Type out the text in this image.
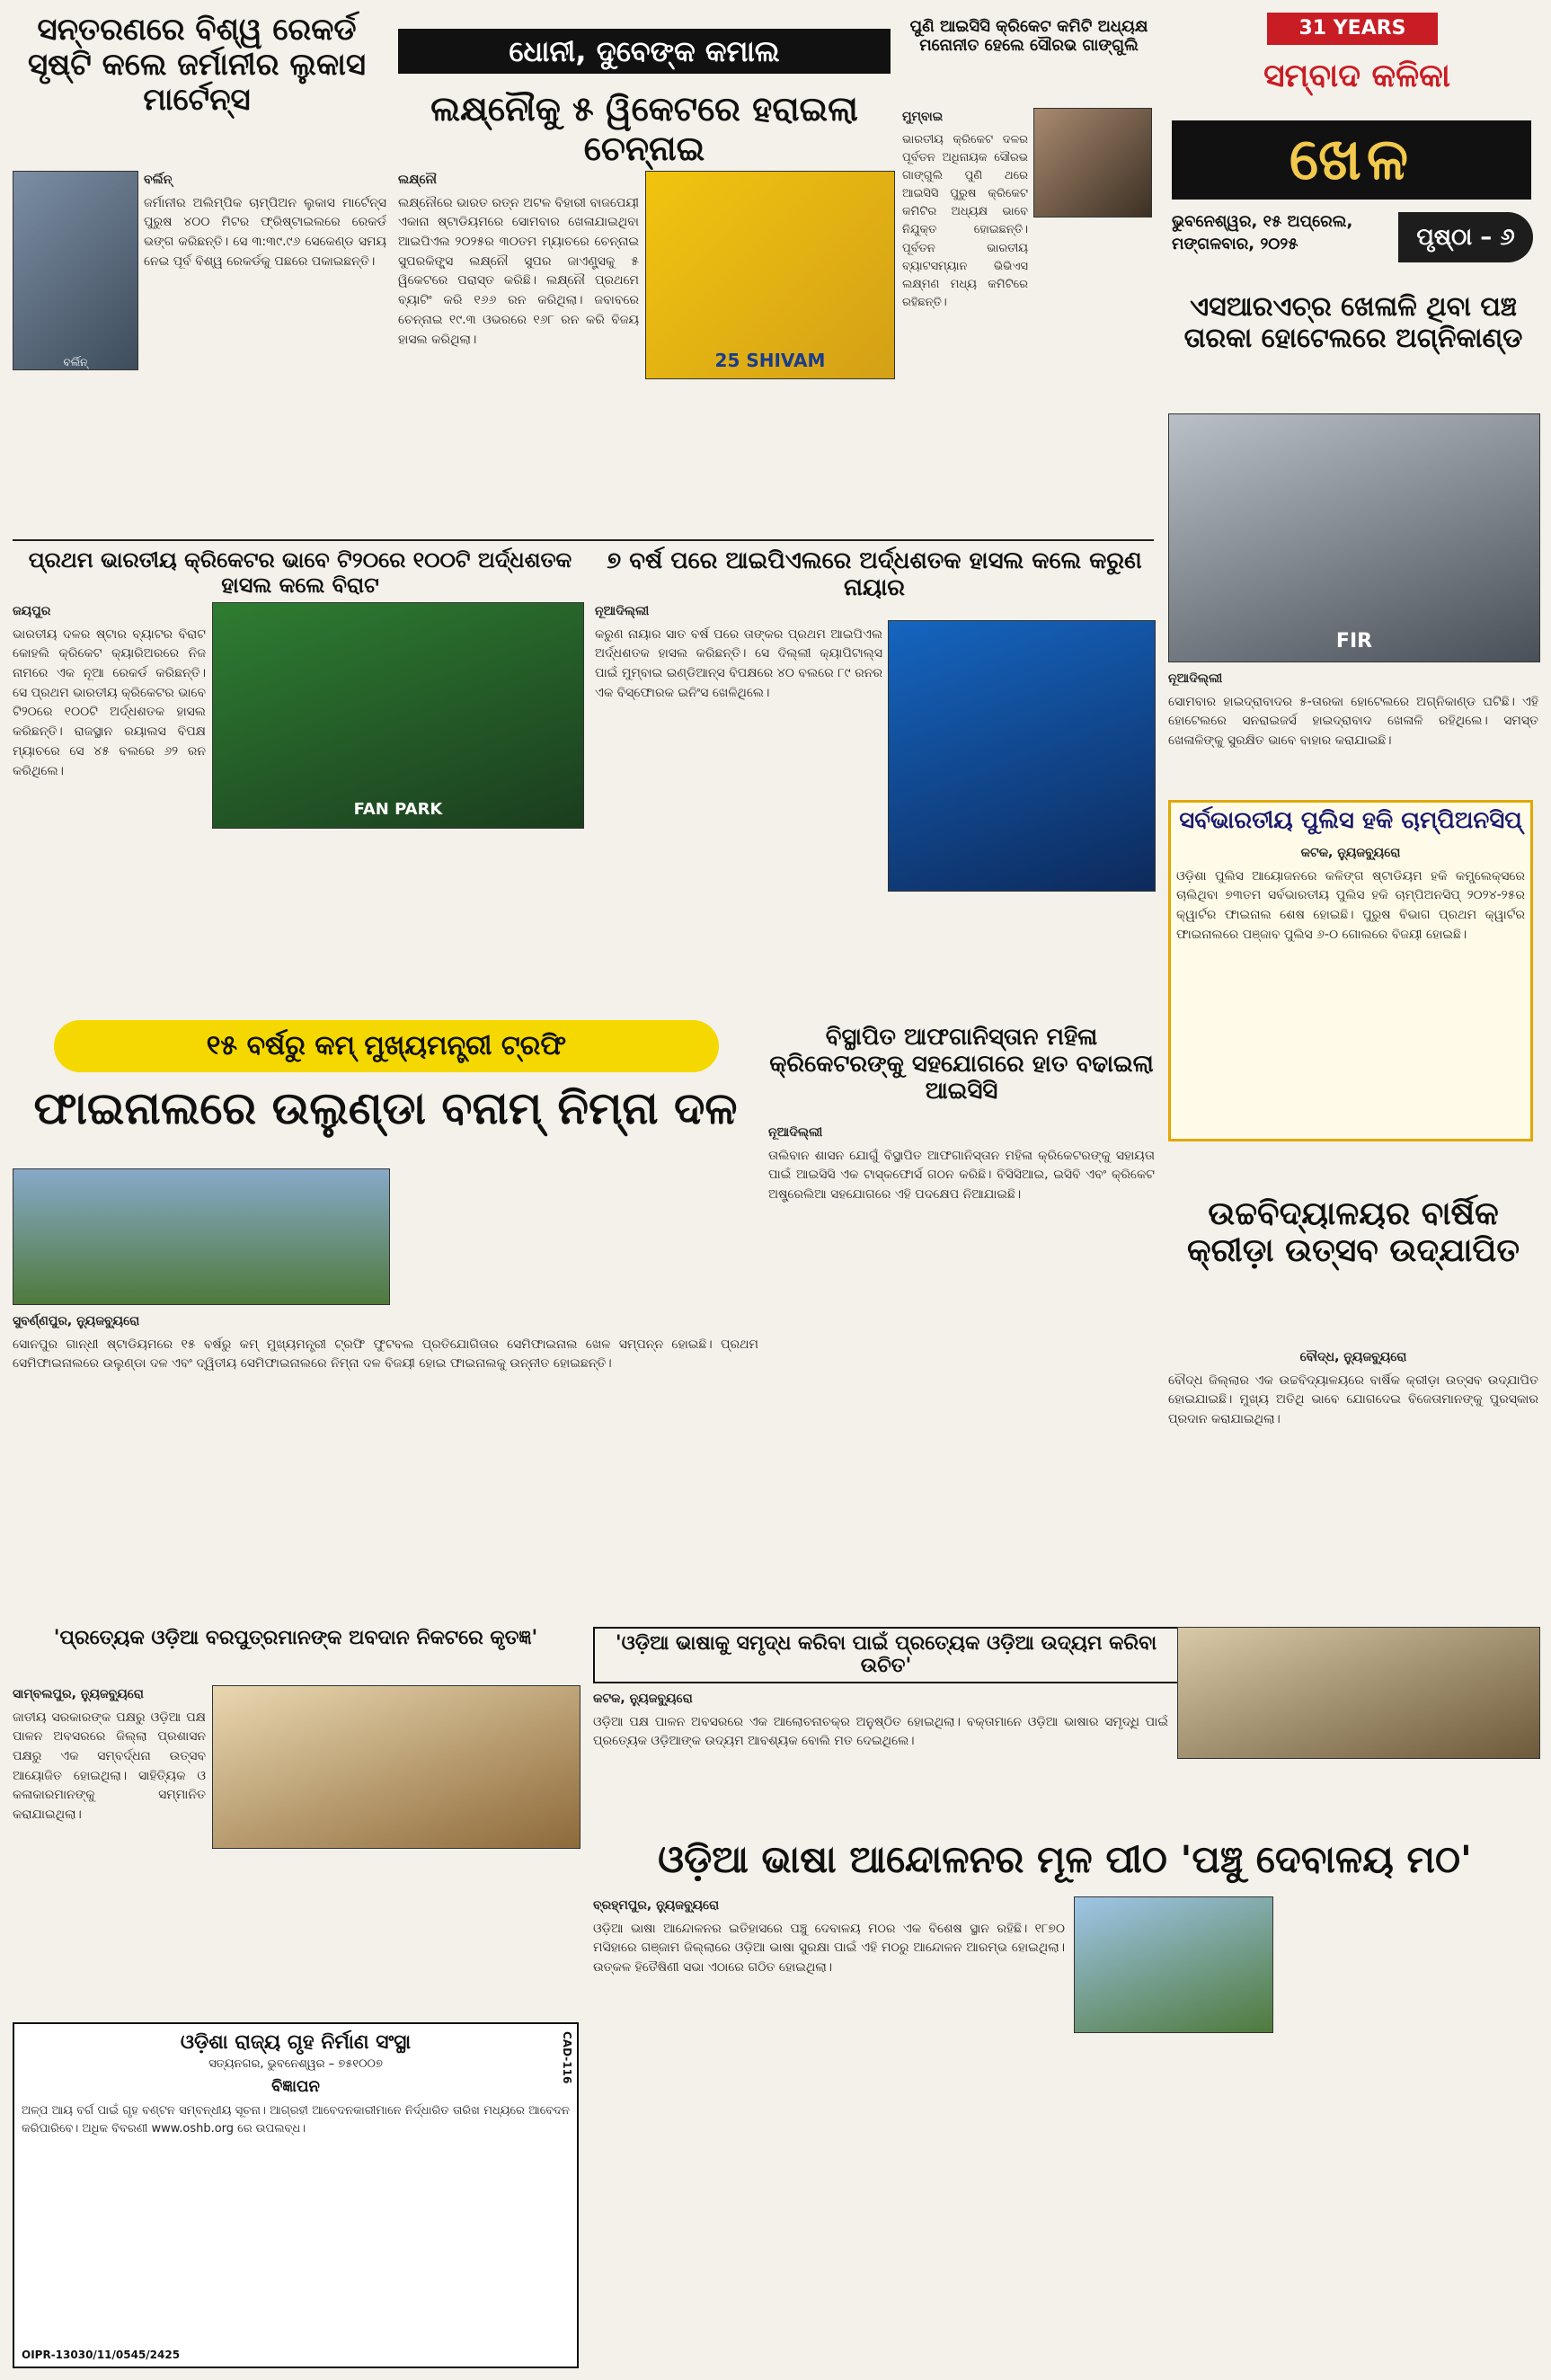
ସନ୍ତରଣରେ ବିଶ୍ୱ ରେକର୍ଡ ସୃଷ୍ଟି କଲେ ଜର୍ମାନୀର ଲୁକାସ ମାର୍ଟେନ୍ସ
ବର୍ଲିନ୍
ବର୍ଲିନ୍
ଜର୍ମାନୀର ଅଲିମ୍ପିକ ଚାମ୍ପିଅନ ଲୁକାସ ମାର୍ଟେନ୍ସ ପୁରୁଷ ୪୦୦ ମିଟର ଫ୍ରିଷ୍ଟାଇଲରେ ରେକର୍ଡ ଭଙ୍ଗ କରିଛନ୍ତି। ସେ ୩:୩୯.୯୬ ସେକେଣ୍ଡ ସମୟ ନେଇ ପୂର୍ବ ବିଶ୍ୱ ରେକର୍ଡକୁ ପଛରେ ପକାଇଛନ୍ତି।
ଧୋନୀ, ଦୁବେଙ୍କ କମାଲ
ଲକ୍ଷ୍ନୌକୁ ୫ ୱିକେଟରେ ହରାଇଲା ଚେନ୍ନାଇ
ଲକ୍ଷ୍ନୌ
ଲକ୍ଷ୍ନୌରେ ଭାରତ ରତ୍ନ ଅଟଳ ବିହାରୀ ବାଜପେୟୀ ଏକାନା ଷ୍ଟାଡିୟମରେ ସୋମବାର ଖେଳାଯାଇଥିବା ଆଇପିଏଲ ୨୦୨୫ର ୩୦ତମ ମ୍ୟାଚରେ ଚେନ୍ନାଇ ସୁପରକିଙ୍ଗ୍ସ ଲକ୍ଷ୍ନୌ ସୁପର ଜାଏଣ୍ଟ୍ସକୁ ୫ ୱିକେଟରେ ପରାସ୍ତ କରିଛି। ଲକ୍ଷ୍ନୌ ପ୍ରଥମେ ବ୍ୟାଟିଂ କରି ୧୬୬ ରନ କରିଥିଲା। ଜବାବରେ ଚେନ୍ନାଇ ୧୯.୩ ଓଭରରେ ୧୬୮ ରନ କରି ବିଜୟ ହାସଲ କରିଥିଲା।
25 SHIVAM
ପୁଣି ଆଇସିସି କ୍ରିକେଟ କମିଟି ଅଧ୍ୟକ୍ଷ ମନୋନୀତ ହେଲେ ସୌରଭ ଗାଙ୍ଗୁଲି
ମୁମ୍ବାଇ
ଭାରତୀୟ କ୍ରିକେଟ ଦଳର ପୂର୍ବତନ ଅଧିନାୟକ ସୌରଭ ଗାଙ୍ଗୁଲି ପୁଣି ଥରେ ଆଇସିସି ପୁରୁଷ କ୍ରିକେଟ କମିଟିର ଅଧ୍ୟକ୍ଷ ଭାବେ ନିଯୁକ୍ତ ହୋଇଛନ୍ତି। ପୂର୍ବତନ ଭାରତୀୟ ବ୍ୟାଟସମ୍ୟାନ ଭିଭିଏସ ଲକ୍ଷ୍ମଣ ମଧ୍ୟ କମିଟିରେ ରହିଛନ୍ତି।
31 YEARS
ସମ୍ବାଦ କଳିକା
ଖେଳ
ଭୁବନେଶ୍ୱର, ୧୫ ଅପ୍ରେଲ, ମଙ୍ଗଳବାର, ୨୦୨୫	ପୃଷ୍ଠା – ୬
ଏସଆରଏଚ୍‌ର ଖେଳାଳି ଥିବା ପଞ୍ଚ ତାରକା ହୋଟେଲରେ ଅଗ୍ନିକାଣ୍ଡ
FIR
ନୂଆଦିଲ୍ଲୀ
ସୋମବାର ହାଇଦ୍ରାବାଦର ୫-ତାରକା ହୋଟେଲରେ ଅଗ୍ନିକାଣ୍ଡ ଘଟିଛି। ଏହି ହୋଟେଲରେ ସନରାଇଜର୍ସ ହାଇଦ୍ରାବାଦ ଖେଳାଳି ରହିଥିଲେ। ସମସ୍ତ ଖେଳାଳିଙ୍କୁ ସୁରକ୍ଷିତ ଭାବେ ବାହାର କରାଯାଇଛି।
ପ୍ରଥମ ଭାରତୀୟ କ୍ରିକେଟର ଭାବେ ଟି୨୦ରେ ୧୦୦ଟି ଅର୍ଦ୍ଧଶତକ ହାସଲ କଲେ ବିରାଟ
ଜୟପୁର
ଭାରତୀୟ ଦଳର ଷ୍ଟାର ବ୍ୟାଟର ବିରାଟ କୋହଲି କ୍ରିକେଟ କ୍ୟାରିଅରରେ ନିଜ ନାମରେ ଏକ ନୂଆ ରେକର୍ଡ କରିଛନ୍ତି। ସେ ପ୍ରଥମ ଭାରତୀୟ କ୍ରିକେଟର ଭାବେ ଟି୨୦ରେ ୧୦୦ଟି ଅର୍ଦ୍ଧଶତକ ହାସଲ କରିଛନ୍ତି। ରାଜସ୍ଥାନ ରୟାଲସ ବିପକ୍ଷ ମ୍ୟାଚରେ ସେ ୪୫ ବଲରେ ୬୨ ରନ କରିଥିଲେ।
FAN PARK
୭ ବର୍ଷ ପରେ ଆଇପିଏଲରେ ଅର୍ଦ୍ଧଶତକ ହାସଲ କଲେ କରୁଣ ନାୟାର
ନୂଆଦିଲ୍ଲୀ
କରୁଣ ନାୟାର ସାତ ବର୍ଷ ପରେ ତାଙ୍କର ପ୍ରଥମ ଆଇପିଏଲ ଅର୍ଦ୍ଧଶତକ ହାସଲ କରିଛନ୍ତି। ସେ ଦିଲ୍ଲୀ କ୍ୟାପିଟାଲ୍ସ ପାଇଁ ମୁମ୍ବାଇ ଇଣ୍ଡିଆନ୍ସ ବିପକ୍ଷରେ ୪୦ ବଲରେ ୮୯ ରନର ଏକ ବିସ୍ଫୋରକ ଇନିଂସ ଖେଳିଥିଲେ।
ସର୍ବଭାରତୀୟ ପୁଲିସ ହକି ଚାମ୍ପିଅନସିପ୍‌
କଟକ, ନ୍ୟୁଜବ୍ୟୁରୋ
ଓଡ଼ିଶା ପୁଲିସ ଆୟୋଜନରେ କଳିଙ୍ଗ ଷ୍ଟାଡିୟମ ହକି କମ୍ପ୍ଲେକ୍ସରେ ଚାଲିଥିବା ୭୩ତମ ସର୍ବଭାରତୀୟ ପୁଲିସ ହକି ଚାମ୍ପିଅନସିପ୍ ୨୦୨୪-୨୫ର କ୍ୱାର୍ଟର ଫାଇନାଲ ଶେଷ ହୋଇଛି। ପୁରୁଷ ବିଭାଗ ପ୍ରଥମ କ୍ୱାର୍ଟର ଫାଇନାଲରେ ପଞ୍ଜାବ ପୁଲିସ ୬-୦ ଗୋଲରେ ବିଜୟୀ ହୋଇଛି।
୧୫ ବର୍ଷରୁ କମ୍ ମୁଖ୍ୟମନ୍ତ୍ରୀ ଟ୍ରଫି
ଫାଇନାଲରେ ଉଲୁଣ୍ଡା ବନାମ୍ ନିମ୍ନା ଦଳ
ସୁବର୍ଣ୍ଣପୁର, ନ୍ୟୁଜବ୍ୟୁରୋ
ସୋନପୁର ଗାନ୍ଧୀ ଷ୍ଟାଡିୟମରେ ୧୫ ବର୍ଷରୁ କମ୍ ମୁଖ୍ୟମନ୍ତ୍ରୀ ଟ୍ରଫି ଫୁଟବଲ ପ୍ରତିଯୋଗିତାର ସେମିଫାଇନାଲ ଖେଳ ସମ୍ପନ୍ନ ହୋଇଛି। ପ୍ରଥମ ସେମିଫାଇନାଲରେ ଉଲୁଣ୍ଡା ଦଳ ଏବଂ ଦ୍ୱିତୀୟ ସେମିଫାଇନାଲରେ ନିମ୍ନା ଦଳ ବିଜୟୀ ହୋଇ ଫାଇନାଲକୁ ଉନ୍ନୀତ ହୋଇଛନ୍ତି।
ବିସ୍ଥାପିତ ଆଫଗାନିସ୍ତାନ ମହିଳା କ୍ରିକେଟରଙ୍କୁ ସହଯୋଗରେ ହାତ ବଢାଇଲା ଆଇସିସି
ନୂଆଦିଲ୍ଲୀ
ତାଲିବାନ ଶାସନ ଯୋଗୁଁ ବିସ୍ଥାପିତ ଆଫଗାନିସ୍ତାନ ମହିଳା କ୍ରିକେଟରଙ୍କୁ ସହାୟତା ପାଇଁ ଆଇସିସି ଏକ ଟାସ୍କଫୋର୍ସ ଗଠନ କରିଛି। ବିସିସିଆଇ, ଇସିବି ଏବଂ କ୍ରିକେଟ ଅଷ୍ଟ୍ରେଲିଆ ସହଯୋଗରେ ଏହି ପଦକ୍ଷେପ ନିଆଯାଇଛି।
ଉଚ୍ଚବିଦ୍ୟାଳୟର ବାର୍ଷିକ କ୍ରୀଡ଼ା ଉତ୍ସବ ଉଦ୍‌ଯାପିତ
ବୌଦ୍ଧ, ନ୍ୟୁଜବ୍ୟୁରୋ
ବୌଦ୍ଧ ଜିଲ୍ଲାର ଏକ ଉଚ୍ଚବିଦ୍ୟାଳୟରେ ବାର୍ଷିକ କ୍ରୀଡ଼ା ଉତ୍ସବ ଉଦ୍‌ଯାପିତ ହୋଇଯାଇଛି। ମୁଖ୍ୟ ଅତିଥି ଭାବେ ଯୋଗଦେଇ ବିଜେତାମାନଙ୍କୁ ପୁରସ୍କାର ପ୍ରଦାନ କରାଯାଇଥିଲା।
'ପ୍ରତ୍ୟେକ ଓଡ଼ିଆ ବରପୁତ୍ରମାନଙ୍କ ଅବଦାନ ନିକଟରେ କୃତଜ୍ଞ'
ସାମ୍ବଲପୁର, ନ୍ୟୁଜବ୍ୟୁରୋ
ଜାତୀୟ ସରକାରଙ୍କ ପକ୍ଷରୁ ଓଡ଼ିଆ ପକ୍ଷ ପାଳନ ଅବସରରେ ଜିଲ୍ଲା ପ୍ରଶାସନ ପକ୍ଷରୁ ଏକ ସମ୍ବର୍ଦ୍ଧନା ଉତ୍ସବ ଆୟୋଜିତ ହୋଇଥିଲା। ସାହିତ୍ୟିକ ଓ କଳାକାରମାନଙ୍କୁ ସମ୍ମାନିତ କରାଯାଇଥିଲା।
'ଓଡ଼ିଆ ଭାଷାକୁ ସମୃଦ୍ଧ କରିବା ପାଇଁ ପ୍ରତ୍ୟେକ ଓଡ଼ିଆ ଉଦ୍ୟମ କରିବା ଉଚିତ'
କଟକ, ନ୍ୟୁଜବ୍ୟୁରୋ
ଓଡ଼ିଆ ପକ୍ଷ ପାଳନ ଅବସରରେ ଏକ ଆଲୋଚନାଚକ୍ର ଅନୁଷ୍ଠିତ ହୋଇଥିଲା। ବକ୍ତାମାନେ ଓଡ଼ିଆ ଭାଷାର ସମୃଦ୍ଧି ପାଇଁ ପ୍ରତ୍ୟେକ ଓଡ଼ିଆଙ୍କ ଉଦ୍ୟମ ଆବଶ୍ୟକ ବୋଲି ମତ ଦେଇଥିଲେ।
ଓଡ଼ିଆ ଭାଷା ଆନ୍ଦୋଳନର ମୂଳ ପୀଠ 'ପଞ୍ଚୁ ଦେବାଳୟ ମଠ'
ବ୍ରହ୍ମପୁର, ନ୍ୟୁଜବ୍ୟୁରୋ
ଓଡ଼ିଆ ଭାଷା ଆନ୍ଦୋଳନର ଇତିହାସରେ ପଞ୍ଚୁ ଦେବାଳୟ ମଠର ଏକ ବିଶେଷ ସ୍ଥାନ ରହିଛି। ୧୮୭୦ ମସିହାରେ ଗଞ୍ଜାମ ଜିଲ୍ଲାରେ ଓଡ଼ିଆ ଭାଷା ସୁରକ୍ଷା ପାଇଁ ଏହି ମଠରୁ ଆନ୍ଦୋଳନ ଆରମ୍ଭ ହୋଇଥିଲା। ଉତ୍କଳ ହିତୈଷିଣୀ ସଭା ଏଠାରେ ଗଠିତ ହୋଇଥିଲା।
ଓଡ଼ିଶା ରାଜ୍ୟ ଗୃହ ନିର୍ମାଣ ସଂସ୍ଥା
ସତ୍ୟନଗର, ଭୁବନେଶ୍ୱର – ୭୫୧୦୦୭
ବିଜ୍ଞାପନ
ଅଳ୍ପ ଆୟ ବର୍ଗ ପାଇଁ ଗୃହ ବଣ୍ଟନ ସମ୍ବନ୍ଧୀୟ ସୂଚନା। ଆଗ୍ରହୀ ଆବେଦନକାରୀମାନେ ନିର୍ଦ୍ଧାରିତ ତାରିଖ ମଧ୍ୟରେ ଆବେଦନ କରିପାରିବେ। ଅଧିକ ବିବରଣୀ www.oshb.org ରେ ଉପଲବ୍ଧ।
OIPR-13030/11/0545/2425
CAD-116
